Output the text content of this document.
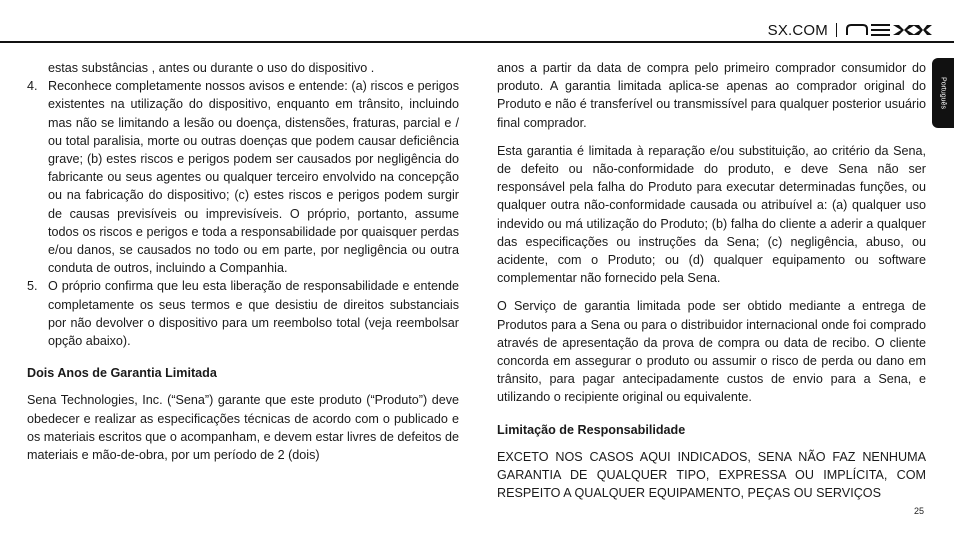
SX.COM
Português

estas substâncias , antes ou durante o uso do dispositivo .

4. Reconhece completamente nossos avisos e entende: (a) riscos e perigos existentes na utilização do dispositivo, enquanto em trânsito, incluindo mas não se limitando a lesão ou doença, distensões, fraturas, parcial e / ou total paralisia, morte ou outras doenças que podem causar deficiência grave; (b) estes riscos e perigos podem ser causados por negligência do fabricante ou seus agentes ou qualquer terceiro envolvido na concepção ou na fabricação do dispositivo; (c) estes riscos e perigos podem surgir de causas previsíveis ou imprevisíveis. O próprio, portanto, assume todos os riscos e perigos e toda a responsabilidade por quaisquer perdas e/ou danos, se causados no todo ou em parte, por negligência ou outra conduta de outros, incluindo a Companhia.
5. O próprio confirma que leu esta liberação de responsabilidade e entende completamente os seus termos e que desistiu de direitos substanciais por não devolver o dispositivo para um reembolso total (veja reembolsar opção abaixo).
Dois Anos de Garantia Limitada

Sena Technologies, Inc. (“Sena”) garante que este produto (“Produto”) deve obedecer e realizar as especificações técnicas de acordo com o publicado e os materiais escritos que o acompanham, e devem estar livres de defeitos de materiais e mão-de-obra, por um período de 2 (dois)

anos a partir da data de compra pelo primeiro comprador consumidor do produto. A garantia limitada aplica-se apenas ao comprador original do Produto e não é transferível ou transmissível para qualquer posterior usuário final comprador.

Esta garantia é limitada à reparação e/ou substituição, ao critério da Sena, de defeito ou não-conformidade do produto, e deve Sena não ser responsável pela falha do Produto para executar determinadas funções, ou qualquer outra não-conformidade causada ou atribuível a: (a) qualquer uso indevido ou má utilização do Produto; (b) falha do cliente a aderir a qualquer das especificações ou instruções da Sena; (c) negligência, abuso, ou acidente, com o Produto; ou (d) qualquer equipamento ou software complementar não fornecido pela Sena.

O Serviço de garantia limitada pode ser obtido mediante a entrega de Produtos para a Sena ou para o distribuidor internacional onde foi comprado através de apresentação da prova de compra ou data de recibo. O cliente concorda em assegurar o produto ou assumir o risco de perda ou dano em trânsito, para pagar antecipadamente custos de envio para a Sena, e utilizando o recipiente original ou equivalente.

Limitação de Responsabilidade

EXCETO NOS CASOS AQUI INDICADOS, SENA NÃO FAZ NENHUMA GARANTIA DE QUALQUER TIPO, EXPRESSA OU IMPLÍCITA, COM RESPEITO A QUALQUER EQUIPAMENTO, PEÇAS OU SERVIÇOS

25
